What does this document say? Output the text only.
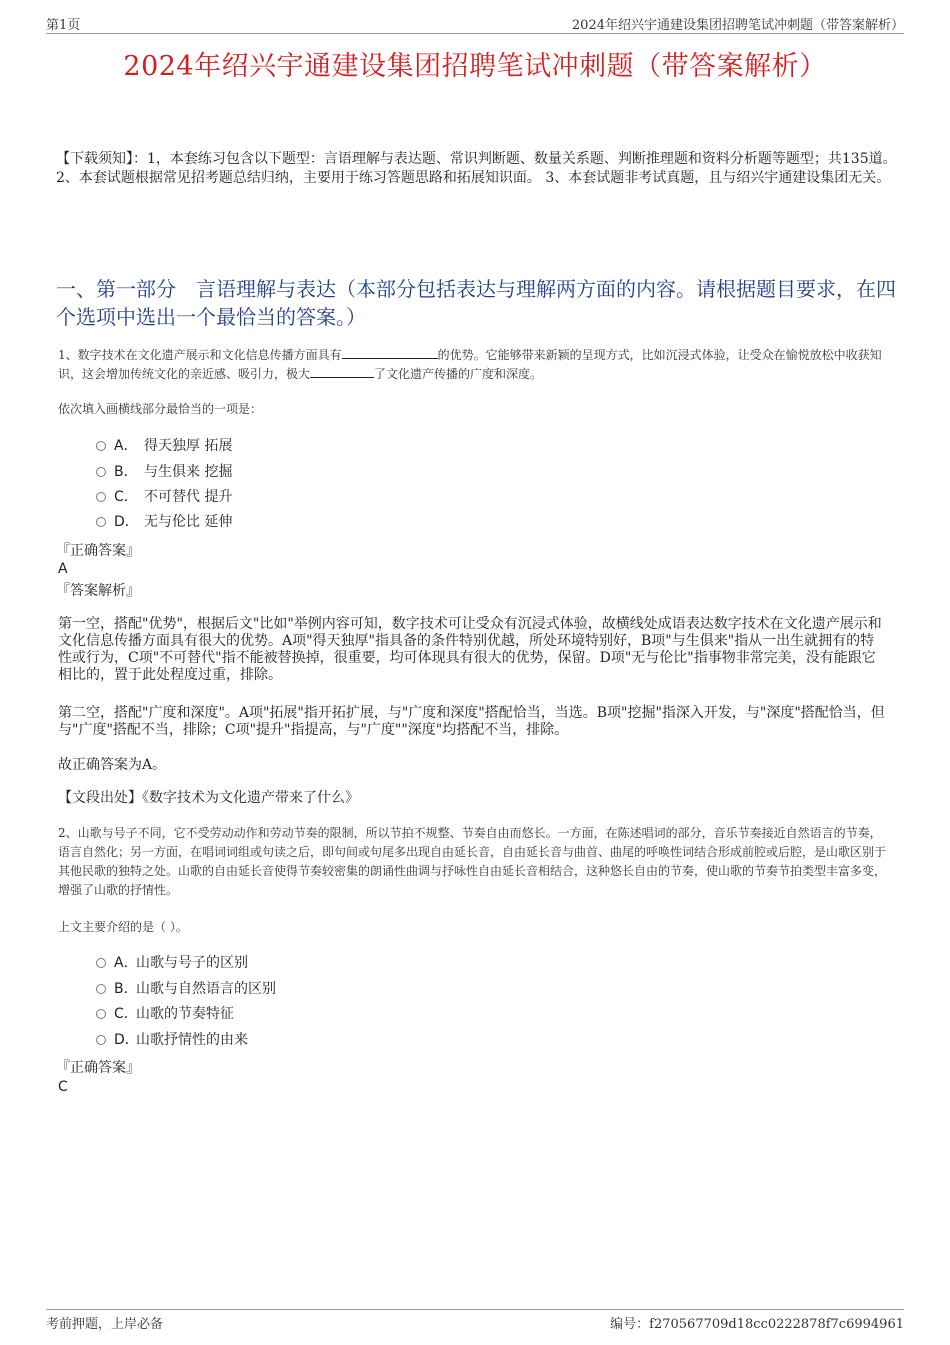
第1页	2024年绍兴宇通建设集团招聘笔试冲刺题（带答案解析）
2024年绍兴宇通建设集团招聘笔试冲刺题（带答案解析）
【下载须知】：1，本套练习包含以下题型：言语理解与表达题、常识判断题、数量关系题、判断推理题和资料分析题等题型；共135道。 2、本套试题根据常见招考题总结归纳，主要用于练习答题思路和拓展知识面。 3、本套试题非考试真题，且与绍兴宇通建设集团无关。
一、第一部分　言语理解与表达（本部分包括表达与理解两方面的内容。请根据题目要求，在四个选项中选出一个最恰当的答案。）
1、数字技术在文化遗产展示和文化信息传播方面具有	的优势。它能够带来新颖的呈现方式，比如沉浸式体验，让受众在愉悦放松中收获知识，这会增加传统文化的亲近感、吸引力，极大	了文化遗产传播的广度和深度。
依次填入画横线部分最恰当的一项是：
A． 得天独厚 拓展
B． 与生俱来 挖掘
C． 不可替代 提升
D． 无与伦比 延伸
『正确答案』
A
『答案解析』
第一空，搭配"优势"，根据后文"比如"举例内容可知，数字技术可让受众有沉浸式体验，故横线处成语表达数字技术在文化遗产展示和文化信息传播方面具有很大的优势。A项"得天独厚"指具备的条件特别优越，所处环境特别好，B项"与生俱来"指从一出生就拥有的特性或行为，C项"不可替代"指不能被替换掉，很重要，均可体现具有很大的优势，保留。D项"无与伦比"指事物非常完美，没有能跟它相比的，置于此处程度过重，排除。
第二空，搭配"广度和深度"。A项"拓展"指开拓扩展，与"广度和深度"搭配恰当，当选。B项"挖掘"指深入开发，与"深度"搭配恰当，但与"广度"搭配不当，排除；C项"提升"指提高，与"广度""深度"均搭配不当，排除。
故正确答案为A。
【文段出处】《数字技术为文化遗产带来了什么》
2、山歌与号子不同，它不受劳动动作和劳动节奏的限制，所以节拍不规整、节奏自由而悠长。一方面，在陈述唱词的部分，音乐节奏接近自然语言的节奏，语言自然化；另一方面，在唱词词组或句读之后，即句间或句尾多出现自由延长音，自由延长音与曲首、曲尾的呼唤性词结合形成前腔或后腔，是山歌区别于其他民歌的独特之处。山歌的自由延长音使得节奏较密集的朗诵性曲调与抒咏性自由延长音相结合，这种悠长自由的节奏，使山歌的节奏节拍类型丰富多变，增强了山歌的抒情性。
上文主要介绍的是（ ）。
A．山歌与号子的区别
B．山歌与自然语言的区别
C．山歌的节奏特征
D．山歌抒情性的由来
『正确答案』
C
考前押题，上岸必备	编号：f270567709d18cc0222878f7c6994961
